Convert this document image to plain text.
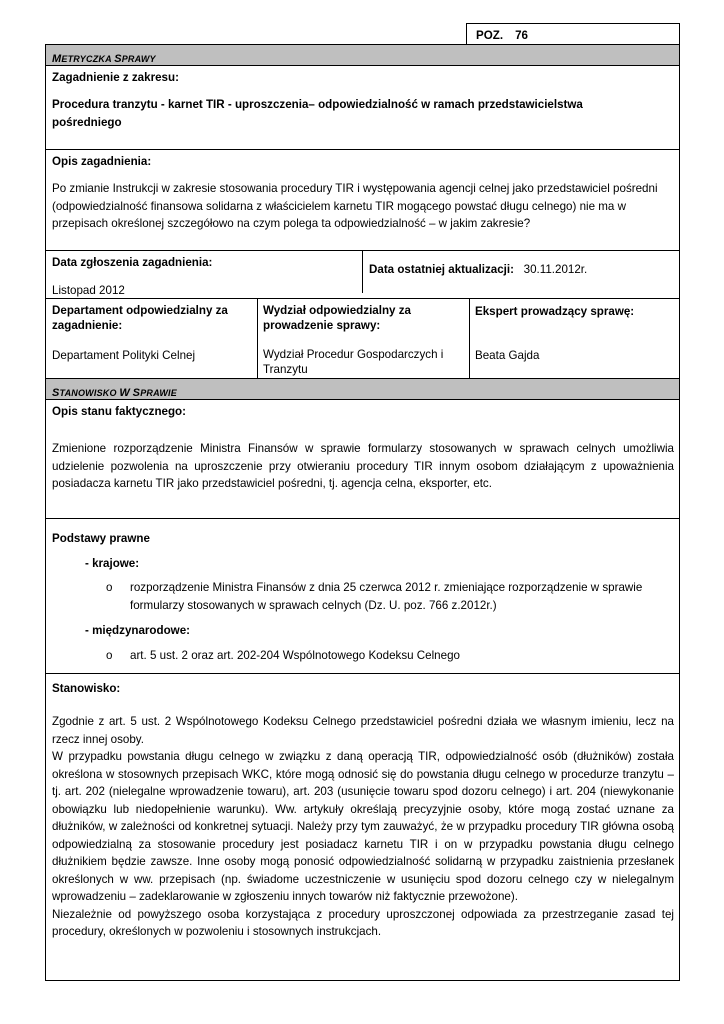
POZ. 76
METRYCZKA SPRAWY
Zagadnienie z zakresu:
Procedura tranzytu - karnet TIR - uproszczenia– odpowiedzialność w ramach przedstawicielstwa pośredniego
Opis zagadnienia:
Po zmianie Instrukcji w zakresie stosowania procedury TIR i występowania agencji celnej jako przedstawiciel pośredni (odpowiedzialność finansowa solidarna z właścicielem karnetu TIR mogącego powstać długu celnego) nie ma w przepisach określonej szczegółowo na czym polega ta odpowiedzialność – w jakim zakresie?
Data zgłoszenia zagadnienia:
Listopad 2012
Data ostatniej aktualizacji: 30.11.2012r.
Departament odpowiedzialny za zagadnienie:
Departament Polityki Celnej
Wydział odpowiedzialny za prowadzenie sprawy:
Wydział Procedur Gospodarczych i Tranzytu
Ekspert prowadzący sprawę:
Beata Gajda
STANOWISKO W SPRAWIE
Opis stanu faktycznego:
Zmienione rozporządzenie Ministra Finansów w sprawie formularzy stosowanych w sprawach celnych umożliwia udzielenie pozwolenia na uproszczenie przy otwieraniu procedury TIR innym osobom działającym z upoważnienia posiadacza karnetu TIR jako przedstawiciel pośredni, tj. agencja celna, eksporter, etc.
Podstawy prawne
- krajowe:
o rozporządzenie Ministra Finansów z dnia 25 czerwca 2012 r. zmieniające rozporządzenie w sprawie formularzy stosowanych w sprawach celnych (Dz. U. poz. 766 z.2012r.)
- międzynarodowe:
o art. 5 ust. 2 oraz art. 202-204 Wspólnotowego Kodeksu Celnego
Stanowisko:

Zgodnie z art. 5 ust. 2 Wspólnotowego Kodeksu Celnego przedstawiciel pośredni działa we własnym imieniu, lecz na rzecz innej osoby.

W przypadku powstania długu celnego w związku z daną operacją TIR, odpowiedzialność osób (dłużników) została określona w stosownych przepisach WKC, które mogą odnosić się do powstania długu celnego w procedurze tranzytu – tj. art. 202 (nielegalne wprowadzenie towaru), art. 203 (usunięcie towaru spod dozoru celnego) i art. 204 (niewykonanie obowiązku lub niedopełnienie warunku). Ww. artykuły określają precyzyjnie osoby, które mogą zostać uznane za dłużników, w zależności od konkretnej sytuacji. Należy przy tym zauważyć, że w przypadku procedury TIR główna osobą odpowiedzialną za stosowanie procedury jest posiadacz karnetu TIR i on w przypadku powstania długu celnego dłużnikiem będzie zawsze. Inne osoby mogą ponosić odpowiedzialność solidarną w przypadku zaistnienia przesłanek określonych w ww. przepisach (np. świadome uczestniczenie w usunięciu spod dozoru celnego czy w nielegalnym wprowadzeniu – zadeklarowanie w zgłoszeniu innych towarów niż faktycznie przewożone).

Niezależnie od powyższego osoba korzystająca z procedury uproszczonej odpowiada za przestrzeganie zasad tej procedury, określonych w pozwoleniu i stosownych instrukcjach.
